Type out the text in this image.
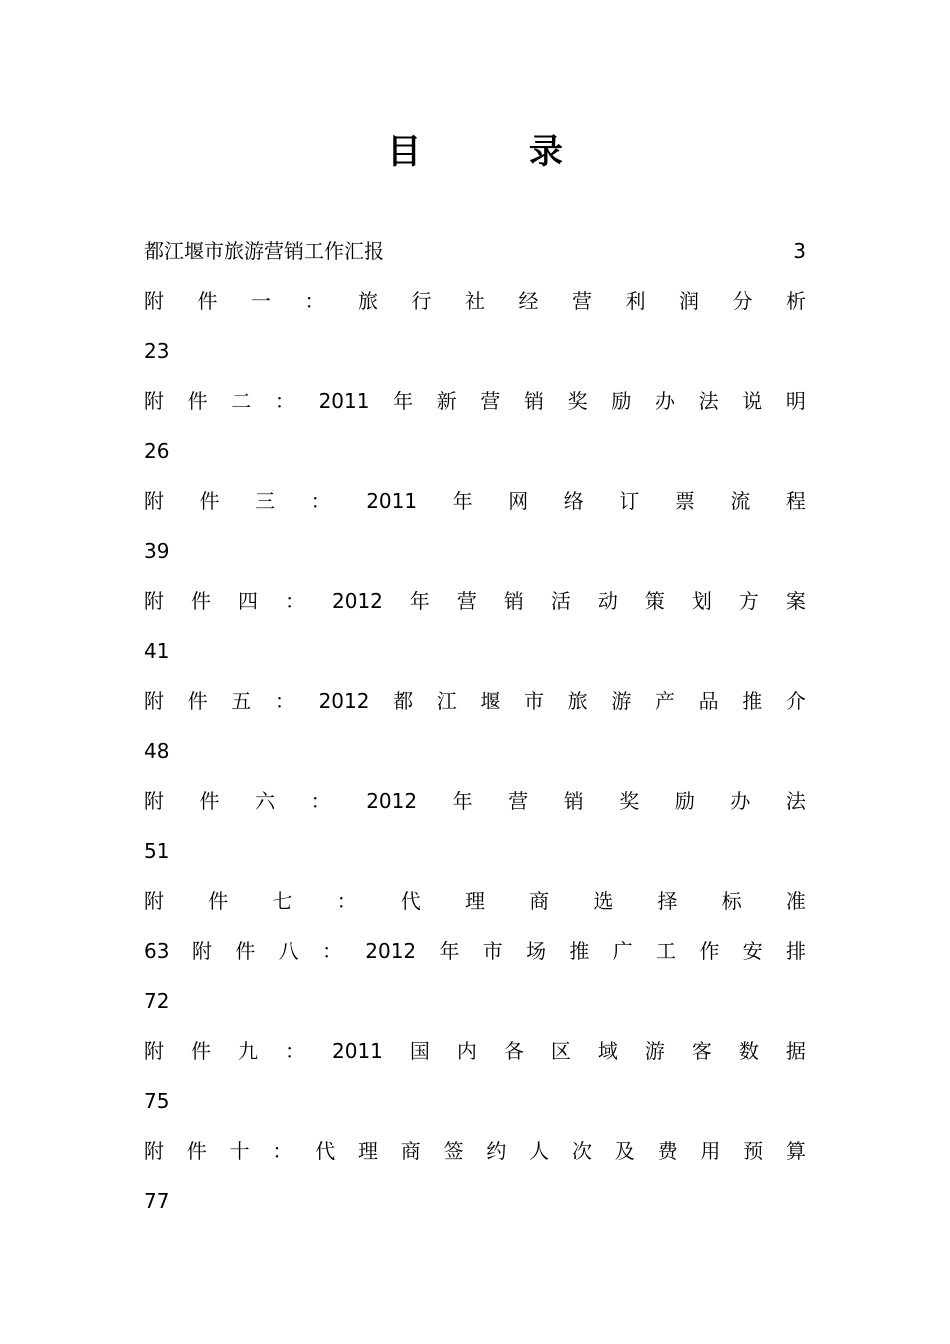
目 录
都江堰市旅游营销工作汇报	3
附 件 一 ： 旅 行 社 经 营 利 润 分 析
23
附 件 二 ： 2011 年 新 营 销 奖 励 办 法 说 明
26
附 件 三 ： 2011 年 网 络 订 票 流 程
39
附 件 四 ： 2012 年 营 销 活 动 策 划 方 案
41
附 件 五 ： 2012 都 江 堰 市 旅 游 产 品 推 介
48
附 件 六 ： 2012 年 营 销 奖 励 办 法
51
附 件 七 ： 代 理 商 选 择 标 准
63 附 件 八 ： 2012 年 市 场 推 广 工 作 安 排
72
附 件 九 ： 2011 国 内 各 区 域 游 客 数 据
75
附 件 十 ： 代 理 商 签 约 人 次 及 费 用 预 算
77
